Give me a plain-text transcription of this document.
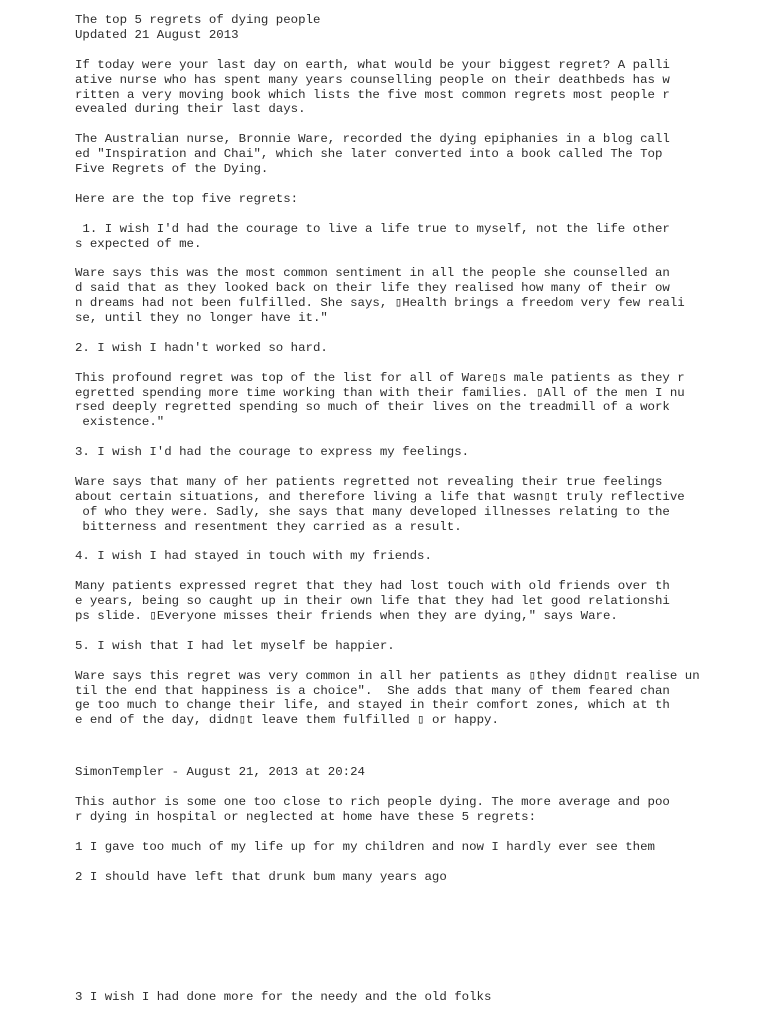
The top 5 regrets of dying people
Updated 21 August 2013
If today were your last day on earth, what would be your biggest regret? A palli
ative nurse who has spent many years counselling people on their deathbeds has w
ritten a very moving book which lists the five most common regrets most people r
evealed during their last days.
The Australian nurse, Bronnie Ware, recorded the dying epiphanies in a blog call
ed "Inspiration and Chai", which she later converted into a book called The Top
Five Regrets of the Dying.
Here are the top five regrets:
1. I wish I'd had the courage to live a life true to myself, not the life other
s expected of me.
Ware says this was the most common sentiment in all the people she counselled an
d said that as they looked back on their life they realised how many of their ow
n dreams had not been fulfilled. She says, ▯​Health brings a freedom very few reali
se, until they no longer have it."
2. I wish I hadn't worked so hard.
This profound regret was top of the list for all of Ware▯s male patients as they r
egretted spending more time working than with their families. ▯All of the men I nu
rsed deeply regretted spending so much of their lives on the treadmill of a work
existence."
3. I wish I'd had the courage to express my feelings.
Ware says that many of her patients regretted not revealing their true feelings
about certain situations, and therefore living a life that wasn▯t truly reflective
of who they were. Sadly, she says that many developed illnesses relating to the
bitterness and resentment they carried as a result.
4. I wish I had stayed in touch with my friends.
Many patients expressed regret that they had lost touch with old friends over th
e years, being so caught up in their own life that they had let good relationshi
ps slide. ▯Everyone misses their friends when they are dying," says Ware.
5. I wish that I had let myself be happier.
Ware says this regret was very common in all her patients as ▯they didn▯t realise un
til the end that happiness is a choice".  She adds that many of them feared chan
ge too much to change their life, and stayed in their comfort zones, which at th
e end of the day, didn▯t leave them fulfilled ▯ or happy.
SimonTempler - August 21, 2013 at 20:24
This author is some one too close to rich people dying. The more average and poo
r dying in hospital or neglected at home have these 5 regrets:
1 I gave too much of my life up for my children and now I hardly ever see them
2 I should have left that drunk bum many years ago
3 I wish I had done more for the needy and the old folks
